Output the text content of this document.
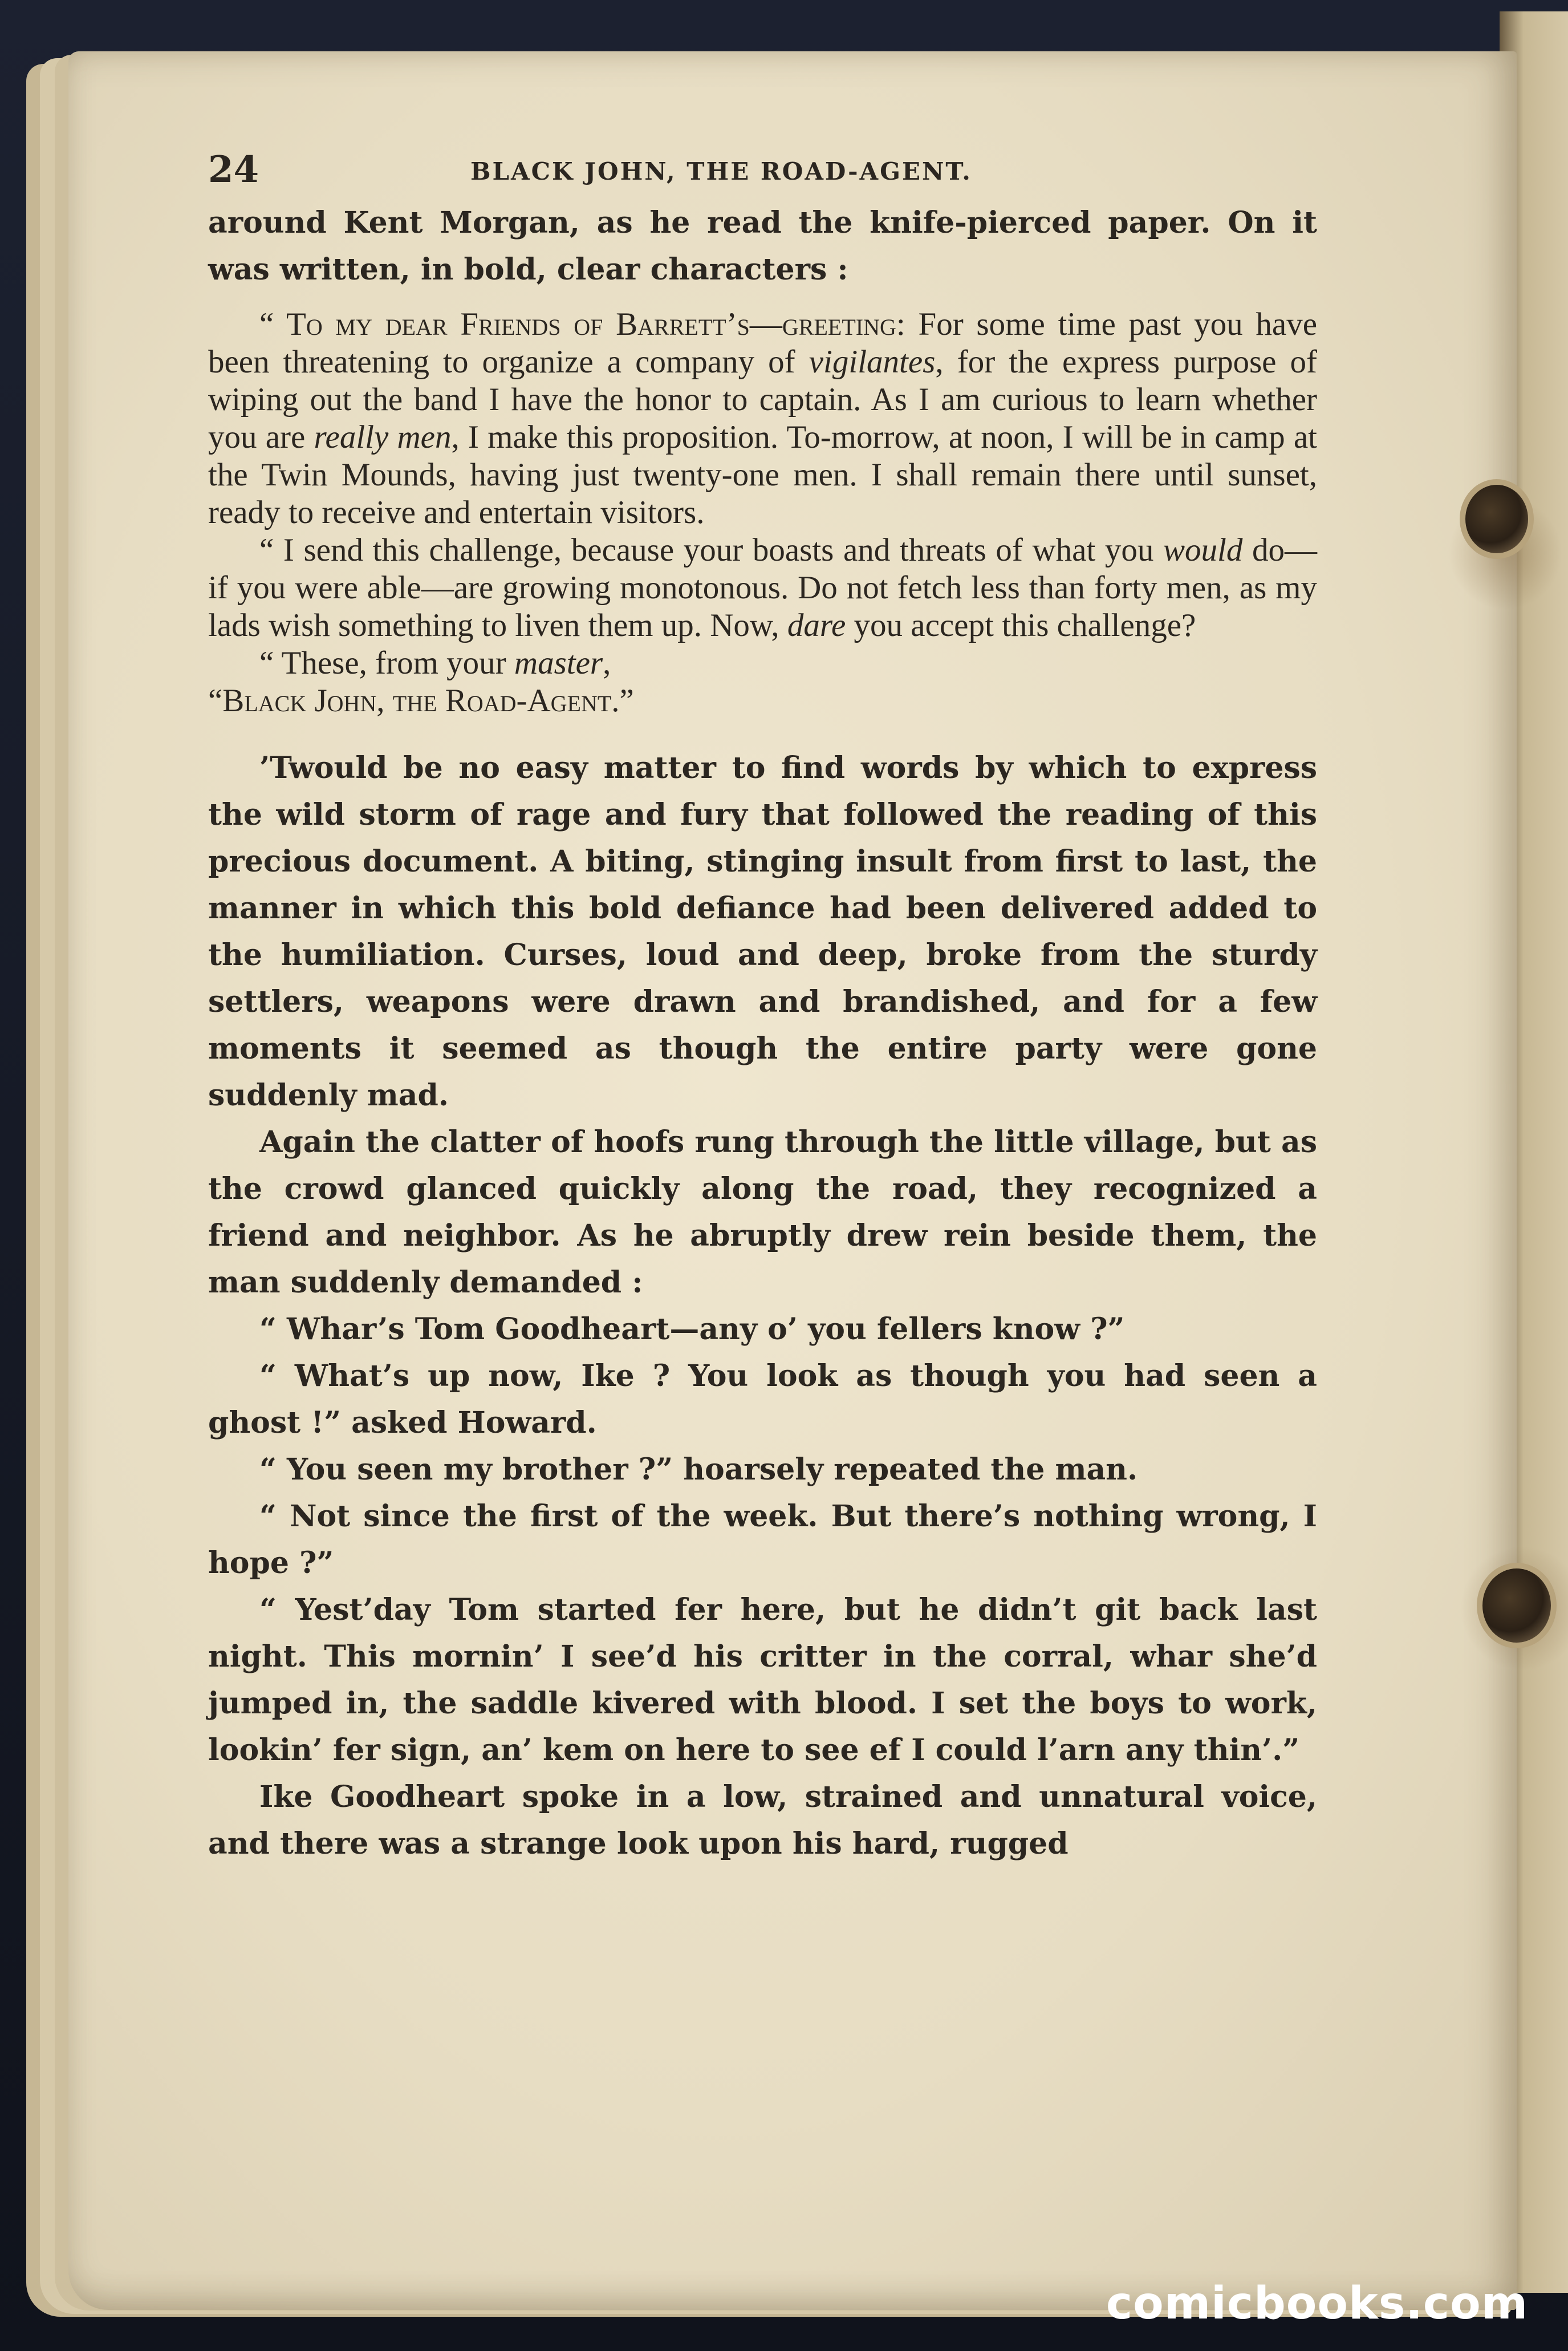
24	BLACK JOHN, THE ROAD-AGENT.

around Kent Morgan, as he read the knife-pierced paper. On it was written, in bold, clear characters :

“ To my dear Friends of Barrett’s—greeting: For some time past you have been threatening to organize a company of vigilantes, for the express purpose of wiping out the band I have the honor to captain. As I am curious to learn whether you are really men, I make this proposition. To-morrow, at noon, I will be in camp at the Twin Mounds, having just twenty-one men. I shall remain there until sunset, ready to receive and entertain visitors.

“ I send this challenge, because your boasts and threats of what you would do—if you were able—are growing monotonous. Do not fetch less than forty men, as my lads wish something to liven them up. Now, dare you accept this challenge?

“ These, from your master,

“Black John, the Road-Agent.”

’Twould be no easy matter to find words by which to express the wild storm of rage and fury that followed the reading of this precious document. A biting, stinging insult from first to last, the manner in which this bold defiance had been delivered added to the humiliation. Curses, loud and deep, broke from the sturdy settlers, weapons were drawn and brandished, and for a few moments it seemed as though the entire party were gone suddenly mad.

Again the clatter of hoofs rung through the little village, but as the crowd glanced quickly along the road, they recognized a friend and neighbor. As he abruptly drew rein beside them, the man suddenly demanded :

“ Whar’s Tom Goodheart—any o’ you fellers know ?”

“ What’s up now, Ike ? You look as though you had seen a ghost !” asked Howard.

“ You seen my brother ?” hoarsely repeated the man.

“ Not since the first of the week. But there’s nothing wrong, I hope ?”

“ Yest’day Tom started fer here, but he didn’t git back last night. This mornin’ I see’d his critter in the corral, whar she’d jumped in, the saddle kivered with blood. I set the boys to work, lookin’ fer sign, an’ kem on here to see ef I could l’arn any thin’.”

Ike Goodheart spoke in a low, strained and unnatural voice, and there was a strange look upon his hard, rugged

comicbooks.com
